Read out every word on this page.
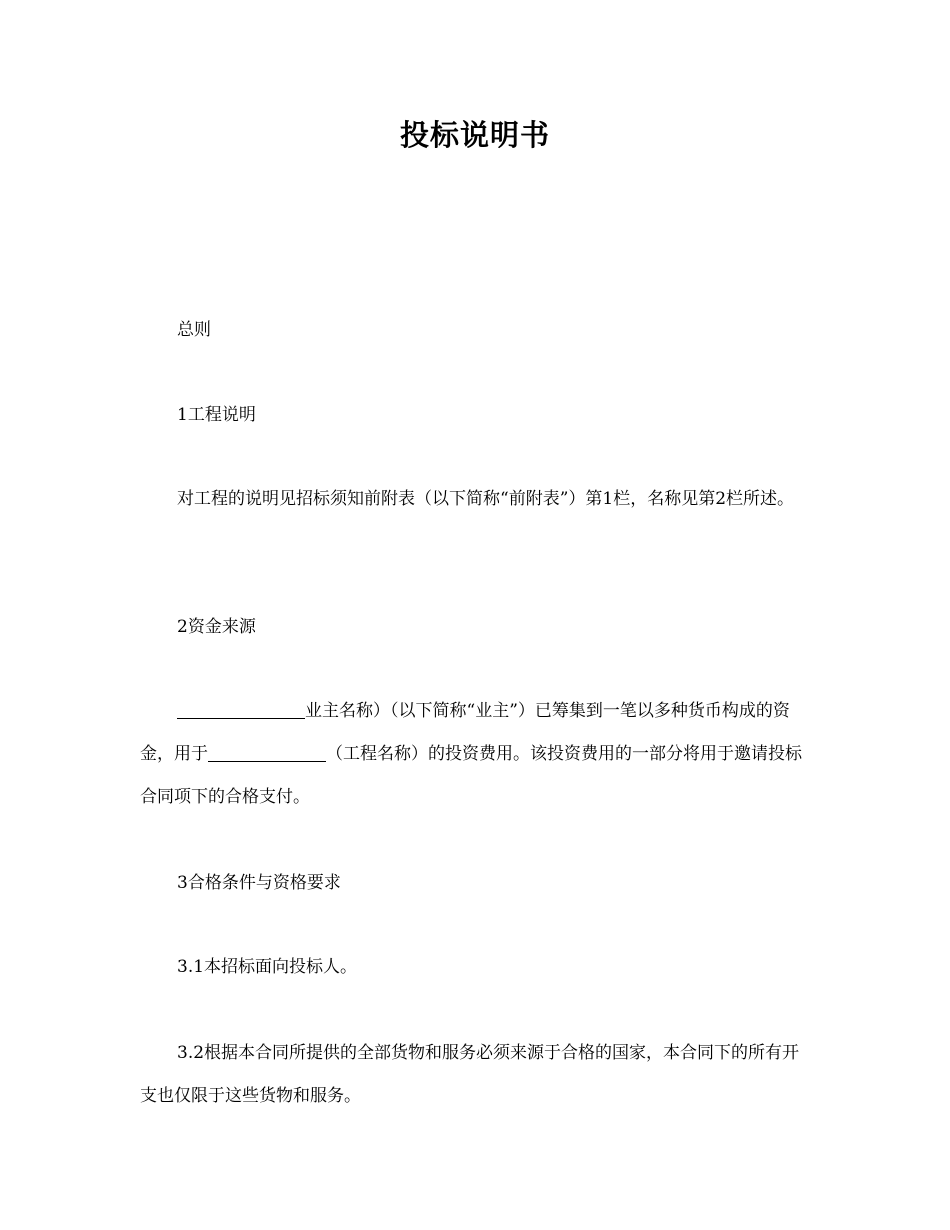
投标说明书

总则

1工程说明

对工程的说明见招标须知前附表（以下简称“前附表”）第1栏，名称见第2栏所述。

2资金来源

业主名称）（以下简称“业主”）已筹集到一笔以多种货币构成的资金，用于	（工程名称）的投资费用。该投资费用的一部分将用于邀请投标合同项下的合格支付。

3合格条件与资格要求

3.1本招标面向投标人。

3.2根据本合同所提供的全部货物和服务必须来源于合格的国家，本合同下的所有开支也仅限于这些货物和服务。
